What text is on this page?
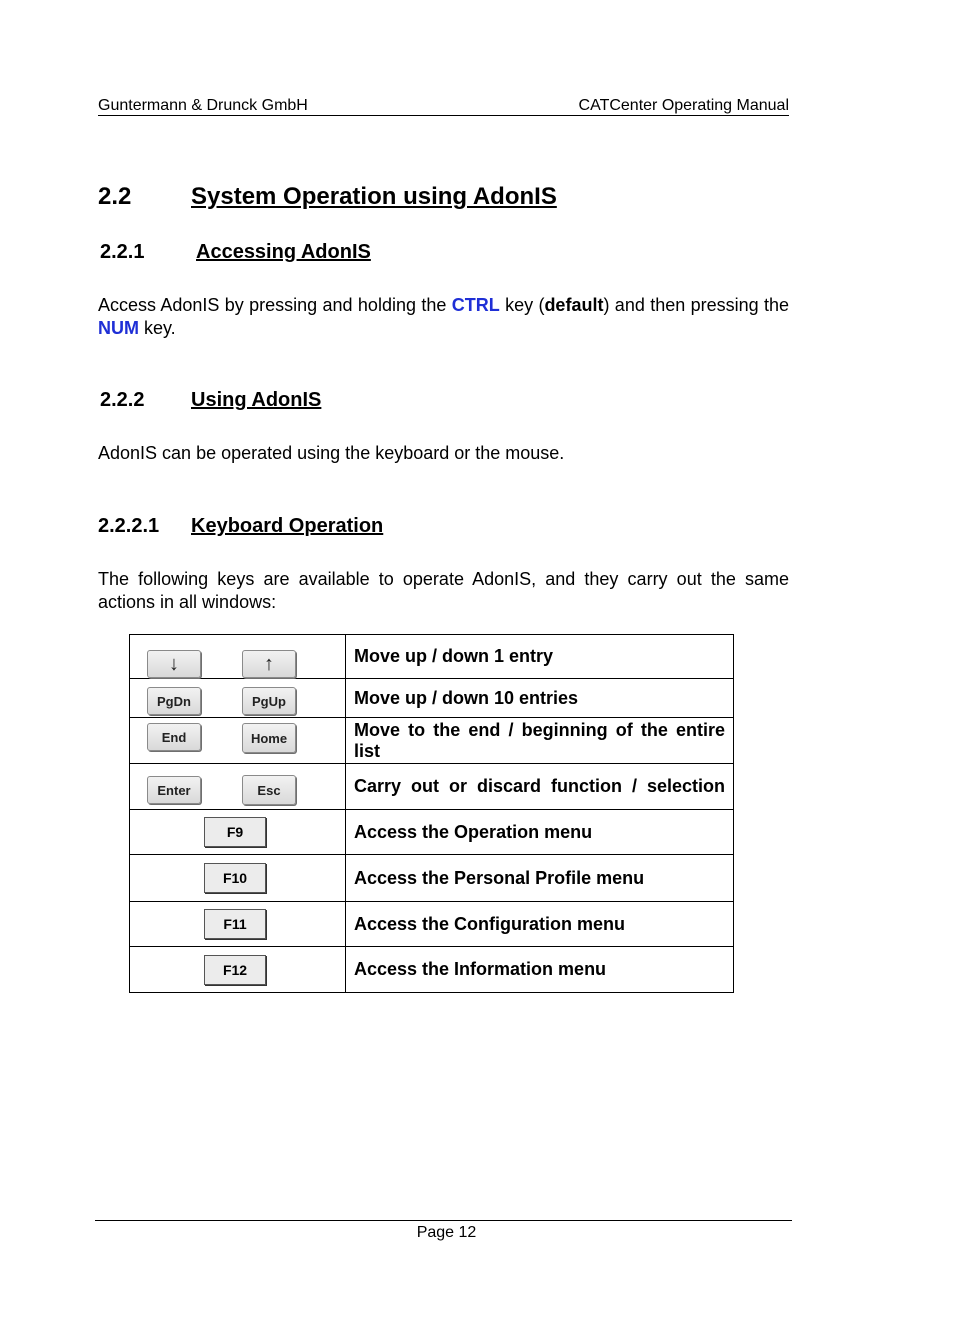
Guntermann & Drunck GmbH	CATCenter Operating Manual
2.2 System Operation using AdonIS
2.2.1	Accessing AdonIS
Access AdonIS by pressing and holding the CTRL key (default) and then pressing the NUM key.
2.2.2 Using AdonIS
AdonIS can be operated using the keyboard or the mouse.
2.2.2.1 Keyboard Operation
The following keys are available to operate AdonIS, and they carry out the same actions in all windows:
↓ ↑	Move up / down 1 entry

PgDn PgUp	Move up / down 10 entries

End Home	Move to the end / beginning of the entire list

Enter Esc	Carry out or discard function / selection

F9	Access the Operation menu

F10	Access the Personal Profile menu

F11	Access the Configuration menu

F12	Access the Information menu
Page 12
